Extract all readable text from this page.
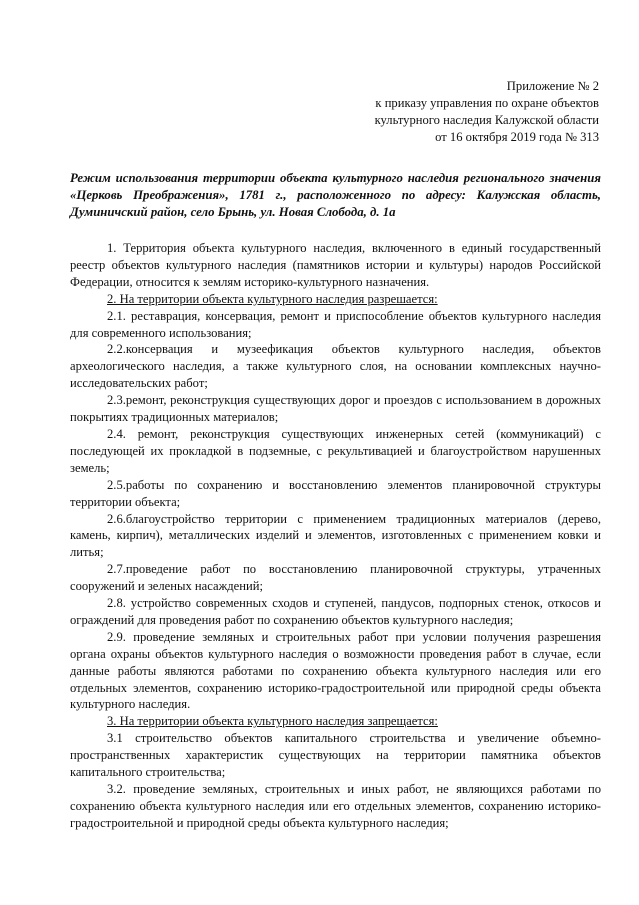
Приложение № 2
к приказу управления по охране объектов
культурного наследия Калужской области
от 16 октября 2019 года № 313
Режим использования территории объекта культурного наследия регионального значения «Церковь Преображения», 1781 г., расположенного по адресу: Калужская область, Думиничский район, село Брынь, ул. Новая Слобода, д. 1а

1. Территория объекта культурного наследия, включенного в единый государственный реестр объектов культурного наследия (памятников истории и культуры) народов Российской Федерации, относится к землям историко-культурного назначения.

2. На территории объекта культурного наследия разрешается:

2.1. реставрация, консервация, ремонт и приспособление объектов культурного наследия для современного использования;

2.2.консервация и музеефикация объектов культурного наследия, объектов археологического наследия, а также культурного слоя, на основании комплексных научно-исследовательских работ;

2.3.ремонт, реконструкция существующих дорог и проездов с использованием в дорожных покрытиях традиционных материалов;

2.4. ремонт, реконструкция существующих инженерных сетей (коммуникаций) с последующей их прокладкой в подземные, с рекультивацией и благоустройством нарушенных земель;

2.5.работы по сохранению и восстановлению элементов планировочной структуры территории объекта;

2.6.благоустройство территории с применением традиционных материалов (дерево, камень, кирпич), металлических изделий и элементов, изготовленных с применением ковки и литья;

2.7.проведение работ по восстановлению планировочной структуры, утраченных сооружений и зеленых насаждений;

2.8. устройство современных сходов и ступеней, пандусов, подпорных стенок, откосов и ограждений для проведения работ по сохранению объектов культурного наследия;

2.9. проведение земляных и строительных работ при условии получения разрешения органа охраны объектов культурного наследия о возможности проведения работ в случае, если данные работы являются работами по сохранению объекта культурного наследия или его отдельных элементов, сохранению историко-градостроительной или природной среды объекта культурного наследия.

3. На территории объекта культурного наследия запрещается:

3.1 строительство объектов капитального строительства и увеличение объемно-пространственных характеристик существующих на территории памятника объектов капитального строительства;

3.2. проведение земляных, строительных и иных работ, не являющихся работами по сохранению объекта культурного наследия или его отдельных элементов, сохранению историко-градостроительной и природной среды объекта культурного наследия;
